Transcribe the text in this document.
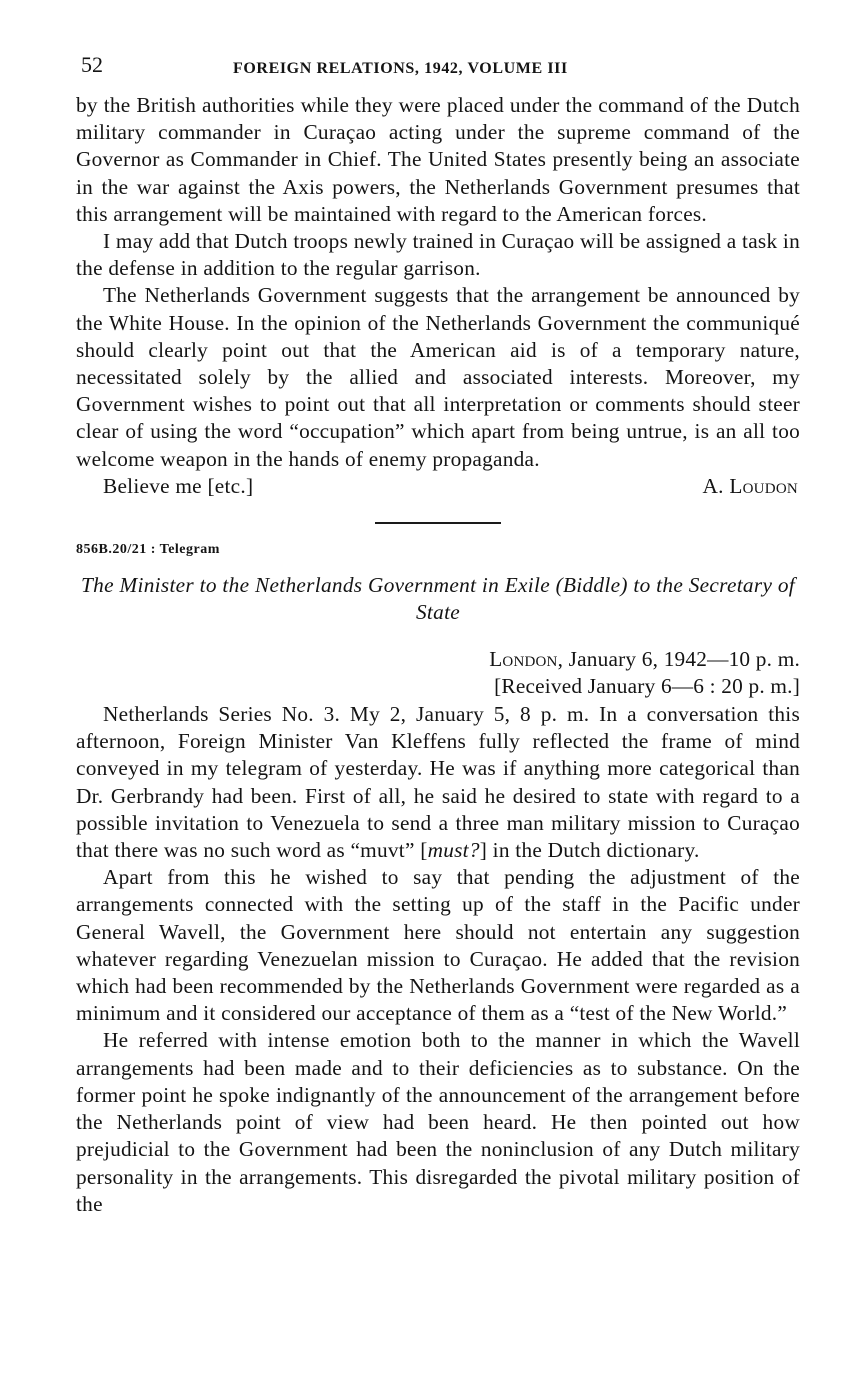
52	FOREIGN RELATIONS, 1942, VOLUME III

by the British authorities while they were placed under the command of the Dutch military commander in Curaçao acting under the supreme command of the Governor as Commander in Chief. The United States presently being an associate in the war against the Axis powers, the Netherlands Government presumes that this arrangement will be maintained with regard to the American forces.

I may add that Dutch troops newly trained in Curaçao will be assigned a task in the defense in addition to the regular garrison.

The Netherlands Government suggests that the arrangement be announced by the White House. In the opinion of the Netherlands Government the communiqué should clearly point out that the American aid is of a temporary nature, necessitated solely by the allied and associated interests. Moreover, my Government wishes to point out that all interpretation or comments should steer clear of using the word “occupation” which apart from being untrue, is an all too welcome weapon in the hands of enemy propaganda.

Believe me [etc.]	A. Loudon
856B.20/21 : Telegram
The Minister to the Netherlands Government in Exile (Biddle) to the Secretary of State
London, January 6, 1942—10 p. m.
[Received January 6—6 : 20 p. m.]

Netherlands Series No. 3. My 2, January 5, 8 p. m. In a conversation this afternoon, Foreign Minister Van Kleffens fully reflected the frame of mind conveyed in my telegram of yesterday. He was if anything more categorical than Dr. Gerbrandy had been. First of all, he said he desired to state with regard to a possible invitation to Venezuela to send a three man military mission to Curaçao that there was no such word as “muvt” [must?] in the Dutch dictionary.

Apart from this he wished to say that pending the adjustment of the arrangements connected with the setting up of the staff in the Pacific under General Wavell, the Government here should not entertain any suggestion whatever regarding Venezuelan mission to Curaçao. He added that the revision which had been recommended by the Netherlands Government were regarded as a minimum and it considered our acceptance of them as a “test of the New World.”

He referred with intense emotion both to the manner in which the Wavell arrangements had been made and to their deficiencies as to substance. On the former point he spoke indignantly of the announcement of the arrangement before the Netherlands point of view had been heard. He then pointed out how prejudicial to the Government had been the noninclusion of any Dutch military personality in the arrangements. This disregarded the pivotal military position of the
